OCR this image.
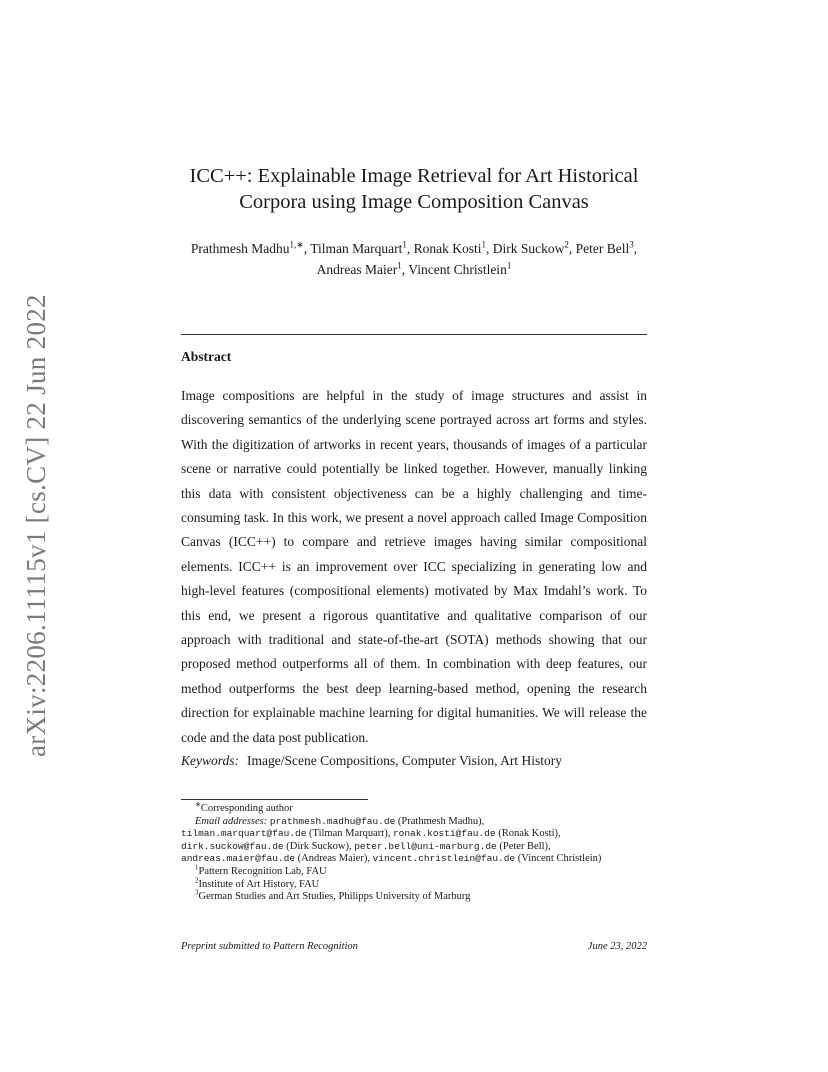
arXiv:2206.11115v1 [cs.CV] 22 Jun 2022
ICC++: Explainable Image Retrieval for Art Historical
Corpora using Image Composition Canvas
Prathmesh Madhu$^{1,∗}$, Tilman Marquart$^1$, Ronak Kosti$^1$, Dirk Suckow$^2$, Peter Bell$^3$, Andreas Maier$^1$, Vincent Christlein$^1$
Abstract
Image compositions are helpful in the study of image structures and assist in discovering semantics of the underlying scene portrayed across art forms and styles. With the digitization of artworks in recent years, thousands of images of a particular scene or narrative could potentially be linked together. However, manually linking this data with consistent objectiveness can be a highly challenging and time-consuming task. In this work, we present a novel approach called Image Composition Canvas (ICC++) to compare and retrieve images having similar compositional elements. ICC++ is an improvement over ICC specializing in generating low and high-level features (compositional elements) motivated by Max Imdahl’s work. To this end, we present a rigorous quantitative and qualitative comparison of our approach with traditional and state-of-the-art (SOTA) methods showing that our proposed method outperforms all of them. In combination with deep features, our method outperforms the best deep learning-based method, opening the research direction for explainable machine learning for digital humanities. We will release the code and the data post publication.
Keywords: Image/Scene Compositions, Computer Vision, Art History
∗Corresponding author
Email addresses: prathmesh.madhu@fau.de (Prathmesh Madhu),
tilman.marquart@fau.de (Tilman Marquart), ronak.kosti@fau.de (Ronak Kosti),
dirk.suckow@fau.de (Dirk Suckow), peter.bell@uni-marburg.de (Peter Bell),
andreas.maier@fau.de (Andreas Maier), vincent.christlein@fau.de (Vincent Christlein)
$^1$Pattern Recognition Lab, FAU
$^2$Institute of Art History, FAU
$^3$German Studies and Art Studies, Philipps University of Marburg
Preprint submitted to Pattern Recognition	June 23, 2022
